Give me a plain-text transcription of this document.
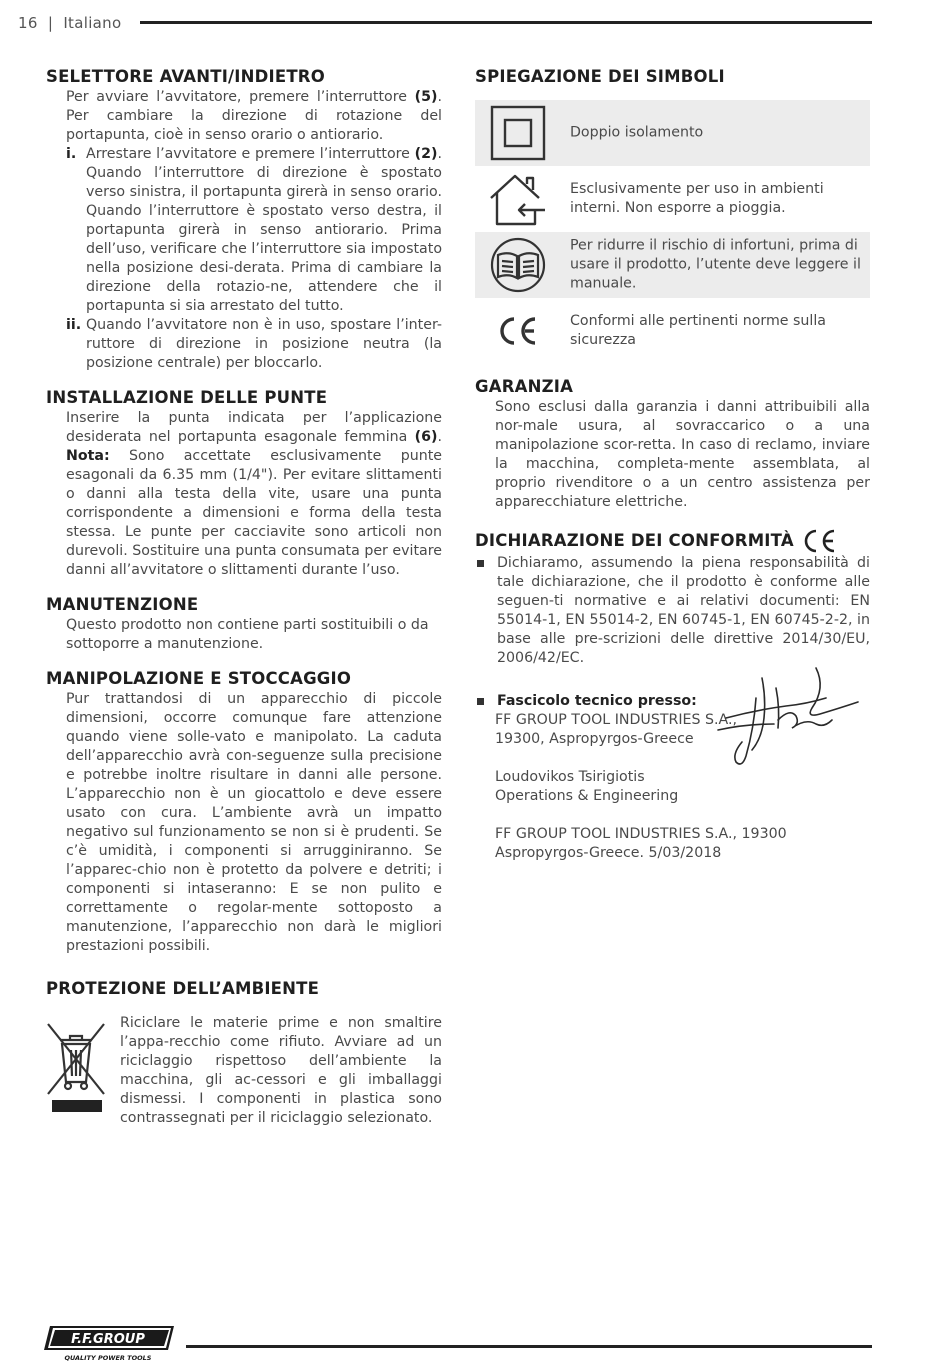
16 | Italiano
SELETTORE AVANTI/INDIETRO
Per avviare l’avvitatore, premere l’interruttore (5). Per cambiare la direzione di rotazione del portapunta, cioè in senso orario o antiorario.
i. Arrestare l’avvitatore e premere l’interruttore (2). Quando l’interruttore di direzione è spostato verso sinistra, il portapunta girerà in senso orario. Quando l’interruttore è spostato verso destra, il portapunta girerà in senso antiorario. Prima dell’uso, verificare che l’interruttore sia impostato nella posizione desi-derata. Prima di cambiare la direzione della rotazio-ne, attendere che il portapunta si sia arrestato del tutto.
ii. Quando l’avvitatore non è in uso, spostare l’inter-ruttore di direzione in posizione neutra (la posizione centrale) per bloccarlo.
INSTALLAZIONE DELLE PUNTE
Inserire la punta indicata per l’applicazione desiderata nel portapunta esagonale femmina (6). Nota: Sono accettate esclusivamente punte esagonali da 6.35 mm (1/4"). Per evitare slittamenti o danni alla testa della vite, usare una punta corrispondente a dimensioni e forma della testa stessa. Le punte per cacciavite sono articoli non durevoli. Sostituire una punta consumata per evitare danni all’avvitatore o slittamenti durante l’uso.
MANUTENZIONE
Questo prodotto non contiene parti sostituibili o da sottoporre a manutenzione.
MANIPOLAZIONE E STOCCAGGIO
Pur trattandosi di un apparecchio di piccole dimensioni, occorre comunque fare attenzione quando viene solle-vato e manipolato. La caduta dell’apparecchio avrà con-seguenze sulla precisione e potrebbe inoltre risultare in danni alle persone. L’apparecchio non è un giocattolo e deve essere usato con cura. L’ambiente avrà un impatto negativo sul funzionamento se non si è prudenti. Se c’è umidità, i componenti si arrugginiranno. Se l’apparec-chio non è protetto da polvere e detriti; i componenti si intaseranno: E se non pulito e correttamente o regolar-mente sottoposto a manutenzione, l’apparecchio non darà le migliori prestazioni possibili.
PROTEZIONE DELL’AMBIENTE
Riciclare le materie prime e non smaltire l’appa-recchio come rifiuto. Avviare ad un riciclaggio rispettoso dell’ambiente la macchina, gli ac-cessori e gli imballaggi dismessi. I componenti in plastica sono contrassegnati per il riciclaggio selezionato.
SPIEGAZIONE DEI SIMBOLI
Doppio isolamento
Esclusivamente per uso in ambienti interni. Non esporre a pioggia.
Per ridurre il rischio di infortuni, prima di usare il prodotto, l’utente deve leggere il manuale.
Conformi alle pertinenti norme sulla sicurezza
GARANZIA
Sono esclusi dalla garanzia i danni attribuibili alla nor-male usura, al sovraccarico o a una manipolazione scor-retta. In caso di reclamo, inviare la macchina, completa-mente assemblata, al proprio rivenditore o a un centro assistenza per apparecchiature elettriche.
DICHIARAZIONE DEI CONFORMITÀ
Dichiaramo, assumendo la piena responsabilità di tale dichiarazione, che il prodotto è conforme alle seguen-ti normative e ai relativi documenti: EN 55014-1, EN 55014-2, EN 60745-1, EN 60745-2-2, in base alle pre-scrizioni delle direttive 2014/30/EU, 2006/42/EC.
Fascicolo tecnico presso:
FF GROUP TOOL INDUSTRIES S.A.,
19300, Aspropyrgos-Greece
Loudovikos Tsirigiotis
Operations & Engineering
FF GROUP TOOL INDUSTRIES S.A., 19300
Aspropyrgos-Greece. 5/03/2018
F.F.GROUP
QUALITY POWER TOOLS
